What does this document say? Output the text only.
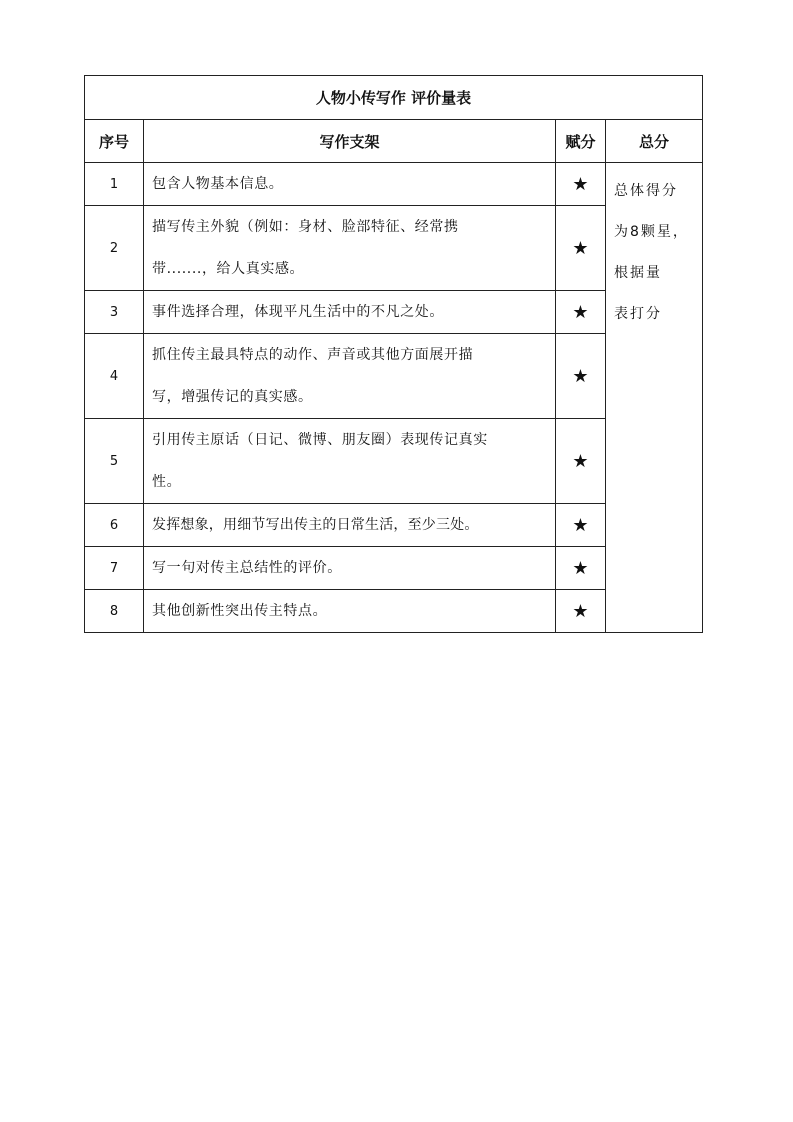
人物小传写作 评价量表			
序号	写作支架	赋分	总分
1	包含人物基本信息。	★	总体得分
为8颗星，
根据量
表打分

2	描写传主外貌（例如：身材、脸部特征、经常携
带.......，给人真实感。	★	
3	事件选择合理，体现平凡生活中的不凡之处。	★	
4	抓住传主最具特点的动作、声音或其他方面展开描
写，增强传记的真实感。	★	
5	引用传主原话（日记、微博、朋友圈）表现传记真实
性。	★	
6	发挥想象，用细节写出传主的日常生活，至少三处。	★	
7	写一句对传主总结性的评价。	★	
8	其他创新性突出传主特点。	★	
